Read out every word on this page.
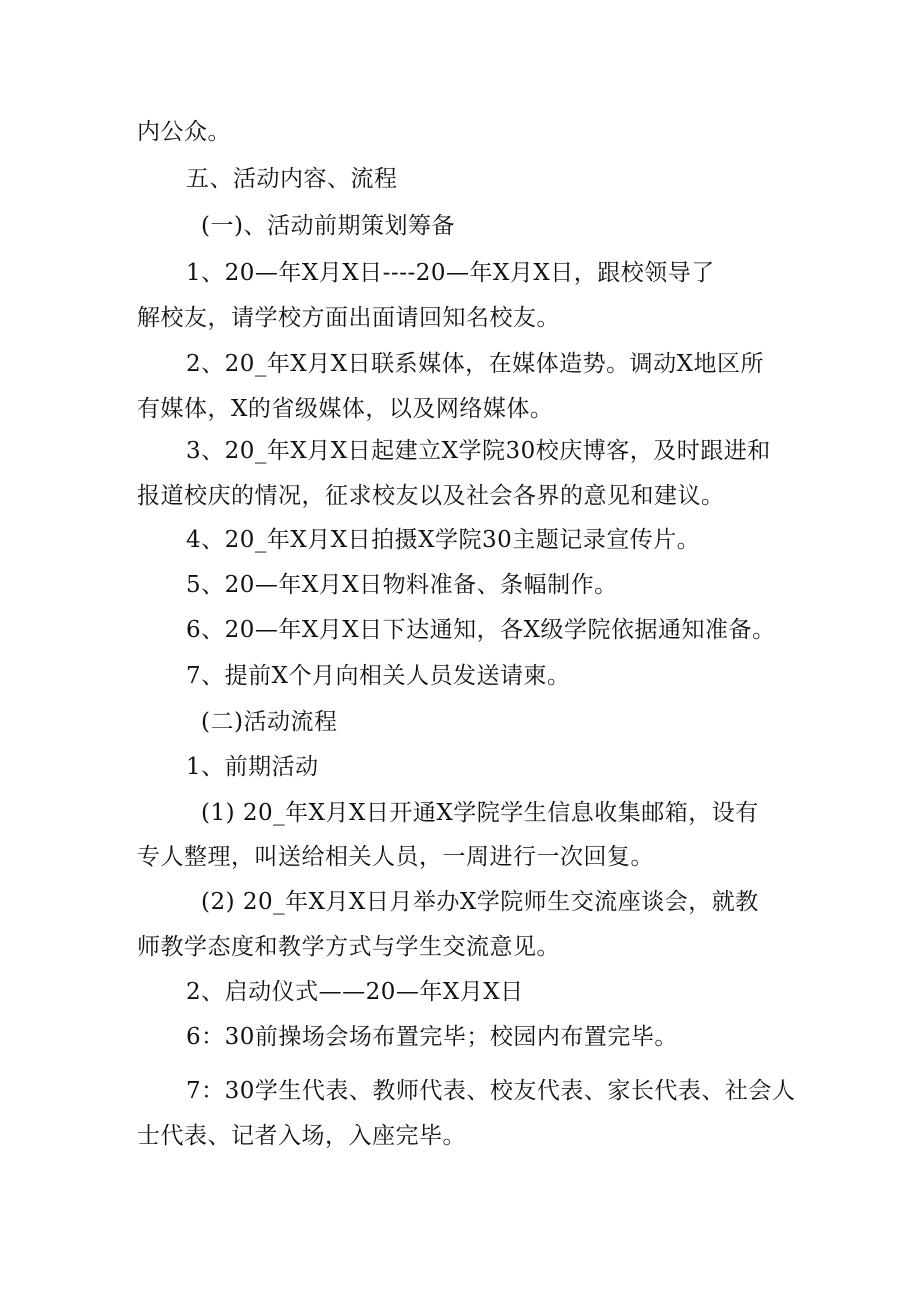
内公众。

五、活动内容、流程

(一)、活动前期策划筹备

1、20—年X月X日----20—年X月X日，跟校领导了

解校友，请学校方面出面请回知名校友。

2、20_年X月X日联系媒体，在媒体造势。调动X地区所

有媒体，X的省级媒体，以及网络媒体。

3、20_年X月X日起建立X学院30校庆博客，及时跟进和

报道校庆的情况，征求校友以及社会各界的意见和建议。

4、20_年X月X日拍摄X学院30主题记录宣传片。

5、20—年X月X日物料准备、条幅制作。

6、20—年X月X日下达通知，各X级学院依据通知准备。

7、提前X个月向相关人员发送请柬。

(二)活动流程

1、前期活动

(1) 20_年X月X日开通X学院学生信息收集邮箱，设有

专人整理，叫送给相关人员，一周进行一次回复。

(2) 20_年X月X日月举办X学院师生交流座谈会，就教

师教学态度和教学方式与学生交流意见。

2、启动仪式——20—年X月X日

6：30前操场会场布置完毕；校园内布置完毕。

7：30学生代表、教师代表、校友代表、家长代表、社会人

士代表、记者入场，入座完毕。
